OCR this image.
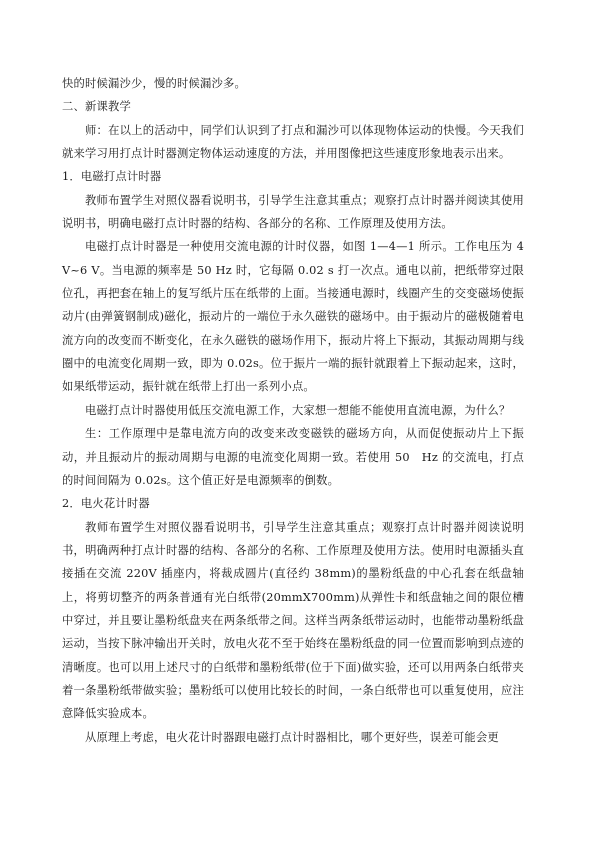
快的时候漏沙少，慢的时候漏沙多。

二、新课教学

师：在以上的活动中，同学们认识到了打点和漏沙可以体现物体运动的快慢。今天我们就来学习用打点计时器测定物体运动速度的方法，并用图像把这些速度形象地表示出来。

1．电磁打点计时器

教师布置学生对照仪器看说明书，引导学生注意其重点；观察打点计时器并阅读其使用说明书，明确电磁打点计时器的结构、各部分的名称、工作原理及使用方法。

电磁打点计时器是一种使用交流电源的计时仪器，如图 1—4—1 所示。工作电压为 4 V~6 V。当电源的频率是 50 Hz 时，它每隔 0.02 s 打一次点。通电以前，把纸带穿过限位孔，再把套在轴上的复写纸片压在纸带的上面。当接通电源时，线圈产生的交变磁场使振动片(由弹簧钢制成)磁化，振动片的一端位于永久磁铁的磁场中。由于振动片的磁极随着电流方向的改变而不断变化，在永久磁铁的磁场作用下，振动片将上下振动，其振动周期与线圈中的电流变化周期一致，即为 0.02s。位于振片一端的振针就跟着上下振动起来，这时，如果纸带运动，振针就在纸带上打出一系列小点。

电磁打点计时器使用低压交流电源工作，大家想一想能不能使用直流电源，为什么？

生：工作原理中是靠电流方向的改变来改变磁铁的磁场方向，从而促使振动片上下振动，并且振动片的振动周期与电源的电流变化周期一致。若使用 50　Hz 的交流电，打点的时间间隔为 0.02s。这个值正好是电源频率的倒数。

2．电火花计时器

教师布置学生对照仪器看说明书，引导学生注意其重点；观察打点计时器并阅读说明书，明确两种打点计时器的结构、各部分的名称、工作原理及使用方法。使用时电源插头直接插在交流 220V 插座内，将裁成圆片(直径约 38mm)的墨粉纸盘的中心孔套在纸盘轴上，将剪切整齐的两条普通有光白纸带(20mmX700mm)从弹性卡和纸盘轴之间的限位槽中穿过，并且要让墨粉纸盘夹在两条纸带之间。这样当两条纸带运动时，也能带动墨粉纸盘运动，当按下脉冲输出开关时，放电火花不至于始终在墨粉纸盘的同一位置而影响到点迹的清晰度。也可以用上述尺寸的白纸带和墨粉纸带(位于下面)做实验，还可以用两条白纸带夹着一条墨粉纸带做实验；墨粉纸可以使用比较长的时间，一条白纸带也可以重复使用，应注意降低实验成本。

从原理上考虑，电火花计时器跟电磁打点计时器相比，哪个更好些，误差可能会更
